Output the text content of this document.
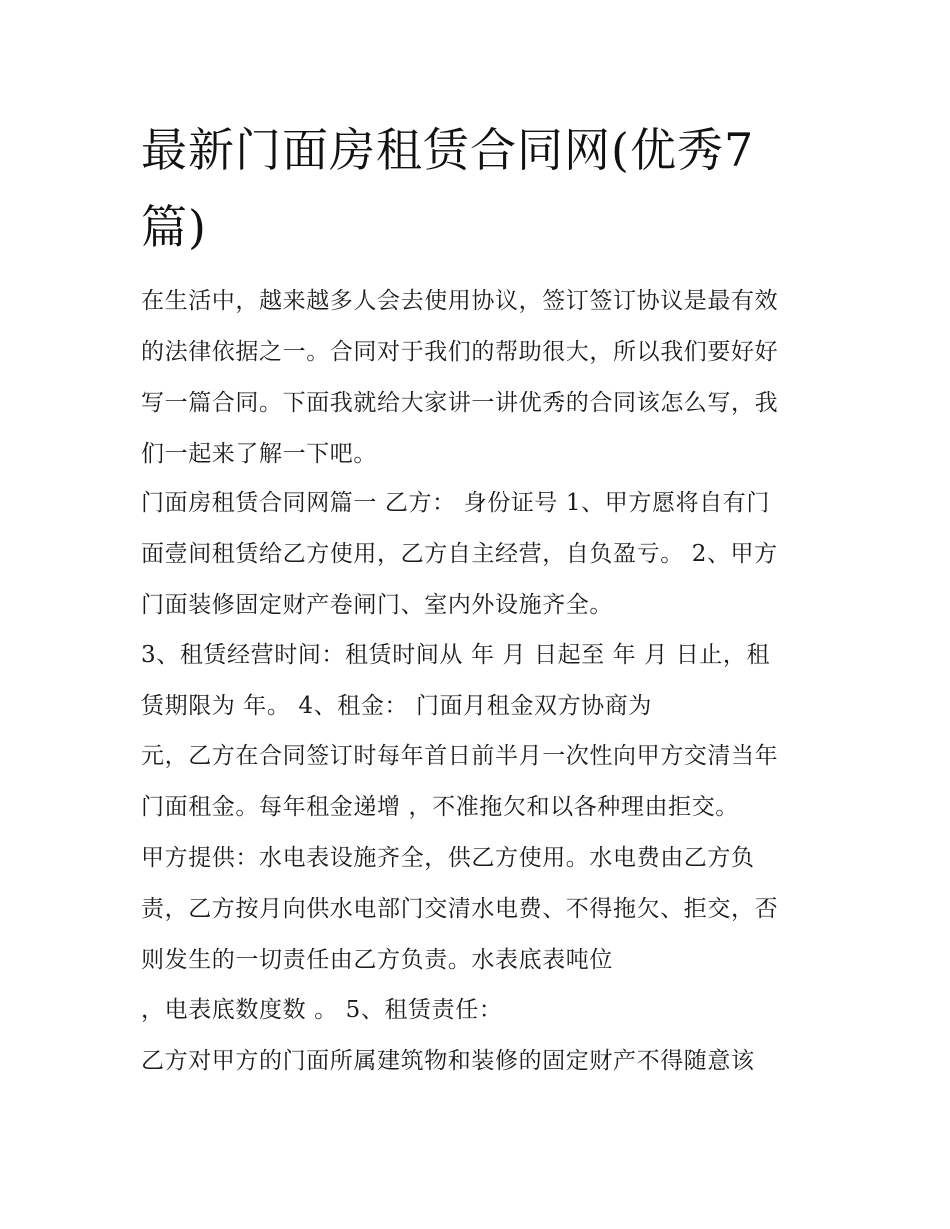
最新门面房租赁合同网(优秀7
篇)

在生活中，越来越多人会去使用协议，签订签订协议是最有效
的法律依据之一。合同对于我们的帮助很大，所以我们要好好
写一篇合同。下面我就给大家讲一讲优秀的合同该怎么写，我
们一起来了解一下吧。

门面房租赁合同网篇一 乙方： 身份证号 1、甲方愿将自有门
面壹间租赁给乙方使用，乙方自主经营，自负盈亏。 2、甲方
门面装修固定财产卷闸门、室内外设施齐全。

3、租赁经营时间：租赁时间从 年 月 日起至 年 月 日止，租
赁期限为 年。 4、租金： 门面月租金双方协商为

元，乙方在合同签订时每年首日前半月一次性向甲方交清当年
门面租金。每年租金递增 ，不准拖欠和以各种理由拒交。

甲方提供：水电表设施齐全，供乙方使用。水电费由乙方负
责，乙方按月向供水电部门交清水电费、不得拖欠、拒交，否
则发生的一切责任由乙方负责。水表底表吨位

，电表底数度数 。 5、租赁责任：

乙方对甲方的门面所属建筑物和装修的固定财产不得随意该
